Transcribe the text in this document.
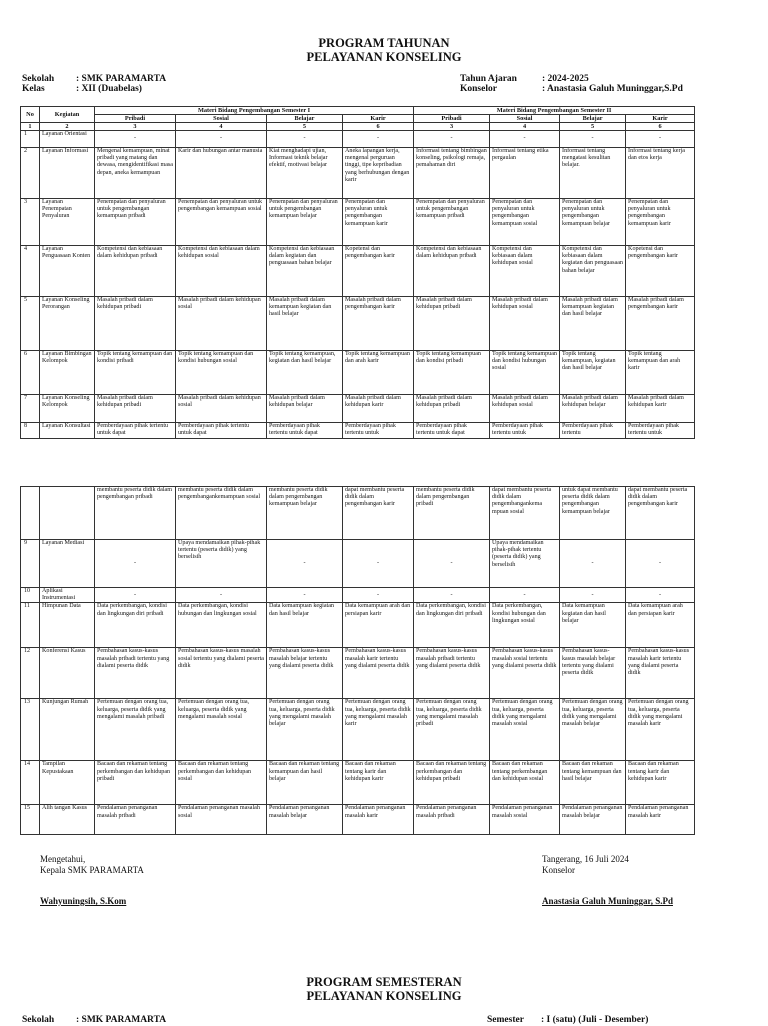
PROGRAM TAHUNAN
PELAYANAN KONSELING
Sekolah : SMK PARAMARTA
Kelas	: XII (Duabelas)
Tahun Ajaran	: 2024-2025
Konselor	: Anastasia Galuh Muninggar,S.Pd
No	Kegiatan	Materi Bidang Pengembangan Semester I				Materi Bidang Pengembangan Semester II			
		Pribadi	Sosial	Belajar	Karir	Pribadi	Sosial	Belajar	Karir
1	2	3	4	5	6	3	4	5	6
1	Layanan Orientasi	-	-	-	-	-	-	-	-
2	Layanan Informasi	Mengenal kemampuan, minat pribadi yang matang dan dewasa, mengidentifikasi masa depan, aneka kemampuan	Karir dan hubungan antar manusia	Kiat menghadapi ujian, Informasi teknik belajar efektif, motivasi belajar	Aneka lapangan kerja, mengenal perguruan tinggi, tipe kepribadian yang berhubungan dengan karir	Informasi tentang bimbingan konseling, psikologi remaja, pemahaman diri	Informasi tentang etika pergaulan	Informasi tentang mengatasi kesulitan belajar.	Informasi tentang kerja dan etos kerja
3	Layanan Penempatan Penyaluran	Penempatan dan penyaluran untuk pengembangan kemampuan pribadi	Penempatan dan penyaluran untuk pengembangan kemampuan sosial	Penempatan dan penyaluran untuk pengembangan kemampuan belajar	Penempatan dan penyaluran untuk pengembangan kemampuan karir	Penempatan dan penyaluran untuk pengembangan kemampuan pribadi	Penempatan dan penyaluran untuk pengembangan kemampuan sosial	Penempatan dan penyaluran untuk pengembangan kemampuan belajar	Penempatan dan penyaluran untuk pengembangan kemampuan karir
4	Layanan Penguasaan Konten	Kompetensi dan kebiasaan dalam kehidupan pribadi	Kompetensi dan kebiasaan dalam kehidupan sosial	Kompetensi dan kebiasaan dalam kegiatan dan penguasaan bahan belajar	Kopetensi dan pengembangan karir	Kompetensi dan kebiasaan dalam kehidupan pribadi	Kompetensi dan kebiasaan dalam kehidupan sosial	Kompetensi dan kebiasaan dalam kegiatan dan penguasaan bahan belajar	Kopetensi dan pengembangan karir
5	Layanan Konseling Perorangan	Masalah pribadi dalam kehidupan pribadi	Masalah pribadi dalam kehidupan sosial	Masalah pribadi dalam kemampuan kegiatan dan hasil belajar	Masalah pribadi dalam pengembangan karir	Masalah pribadi dalam kehidupan pribadi	Masalah pribadi dalam kehidupan sosial	Masalah pribadi dalam kemampuan kegiatan dan hasil belajar	Masalah pribadi dalam pengembangan karir
6	Layanan Bimbingan Kelompok	Topik tentang kemampuan dan kondisi pribadi	Topik tentang kemampuan dan kondisi hubungan sosial	Topik tentang kemampuan, kegiatan dan hasil belajar	Topik tentang kemampuan dan arah karir	Topik tentang kemampuan dan kondisi pribadi	Topik tentang kemampuan dan kondisi hubungan sosial	Topik tentang kemampuan, kegiatan dan hasil belajar	Topik tentang kemampuan dan arah karir
7	Layanan Konseling Kelompok	Masalah pribadi dalam kehidupan pribadi	Masalah pribadi dalam kehidupan sosial	Masalah pribadi dalam kehidupan belajar	Masalah pribadi dalam kehidupan karir	Masalah pribadi dalam kehidupan pribadi	Masalah pribadi dalam kehidupan sosial	Masalah pribadi dalam kehidupan belajar	Masalah pribadi dalam kehidupan karir
8	Layanan Konsultasi	Pemberdayaan pihak tertentu untuk dapat	Pemberdayaan pihak tertentu untuk dapat	Pemberdayaan pihak tertentu untuk dapat	Pemberdayaan pihak tertentu untuk	Pemberdayaan pihak tertentu untuk dapat	Pemberdayaan pihak tertentu untuk	Pemberdayaan pihak tertentu	Pemberdayaan pihak tertentu untuk
		membantu peserta didik dalam pengembangan pribadi	membantu peserta didik dalam pengembangankemampuan sosial	membantu peserta didik dalam pengembangan kemampuan belajar	dapat membantu peserta didik dalam pengembangan karir	membantu peserta didik dalam pengembangan pribadi	dapat membantu peserta didik dalam pengembangankema mpuan sosial	untuk dapat membantu peserta didik dalam pengembangan kemampuan belajar	dapat membantu peserta didik dalam pengembangan karir
9	Layanan Mediasi	-	Upaya mendamaikan pihak-pihak tertentu (peserta didik) yang berselisih	-	-	-	Upaya mendamaikan pihak-pihak tertentu (peserta didik) yang berselisih	-	-
10	Aplikasi Instrumentasi	-	-	-	-	-	-	-	-
11	Himpunan Data	Data perkembangan, kondisi dan lingkungan diri pribadi	Data perkembangan, kondisi hubungan dan lingkungan sosial	Data kemampuan kegiatan dan hasil belajar	Data kemampuan arah dan persiapan karir	Data perkembangan, kondisi dan lingkungan diri pribadi	Data perkembangan, kondisi hubungan dan lingkungan sosial	Data kemampuan kegiatan dan hasil belajar	Data kemampuan arah dan persiapan karir
12	Konferensi Kasus	Pembahasan kasus-kasus masalah pribadi tertentu yang dialami peserta didik	Pembahasan kasus-kasus masalah sosial tertentu yang dialami peserta didik	Pembahasan kasus-kasus masalah belajar tertentu yang dialami peserta didik	Pembahasan kasus-kasus masalah karir tertentu yang dialami peserta didik	Pembahasan kasus-kasus masalah pribadi tertentu yang dialami peserta didik	Pembahasan kasus-kasus masalah sosial tertentu yang dialami peserta didik	Pembahasan kasus-kasus masalah belajar tertentu yang dialami peserta didik	Pembahasan kasus-kasus masalah karir tertentu yang dialami peserta didik
13	Kunjungan Rumah	Pertemuan dengan orang tua, keluarga, peserta didik yang mengalami masalah pribadi	Pertemuan dengan orang tua, keluarga, peserta didik yang mengalami masalah sosial	Pertemuan dengan orang tua, keluarga, peserta didik yang mengalami masalah belajar	Pertemuan dengan orang tua, keluarga, peserta didik yang mengalami masalah karir	Pertemuan dengan orang tua, keluarga, peserta didik yang mengalami masalah pribadi	Pertemuan dengan orang tua, keluarga, peserta didik yang mengalami masalah sosial	Pertemuan dengan orang tua, keluarga, peserta didik yang mengalami masalah belajar	Pertemuan dengan orang tua, keluarga, peserta didik yang mengalami masalah karir
14	Tampilan Kepustakaan	Bacaan dan rekaman tentang perkembangan dan kehidupan pribadi	Bacaan dan rekaman tentang perkembangan dan kehidupan sosial	Bacaan dan rekaman tentang kemampuan dan hasil belajar	Bacaan dan rekaman tentang karir dan kehidupan karir	Bacaan dan rekaman tentang perkembangan dan kehidupan pribadi	Bacaan dan rekaman tentang perkembangan dan kehidupan sosial	Bacaan dan rekaman tentang kemampuan dan hasil belajar	Bacaan dan rekaman tentang karir dan kehidupan karir
15	Alih tangan Kasus	Pendalaman penanganan masalah pribadi	Pendalaman penanganan masalah sosial	Pendalaman penanganan masalah belajar	Pendalaman penanganan masalah karir	Pendalaman penanganan masalah pribadi	Pendalaman penanganan masalah sosial	Pendalaman penanganan masalah belajar	Pendalaman penanganan masalah karir
Mengetahui,
Kepala SMK PARAMARTA
Wahyuningsih, S.Kom
Tangerang, 16 Juli 2024
Konselor
Anastasia Galuh Muninggar, S.Pd
PROGRAM SEMESTERAN
PELAYANAN KONSELING
Sekolah : SMK PARAMARTA	Semester : I (satu) (Juli - Desember)
